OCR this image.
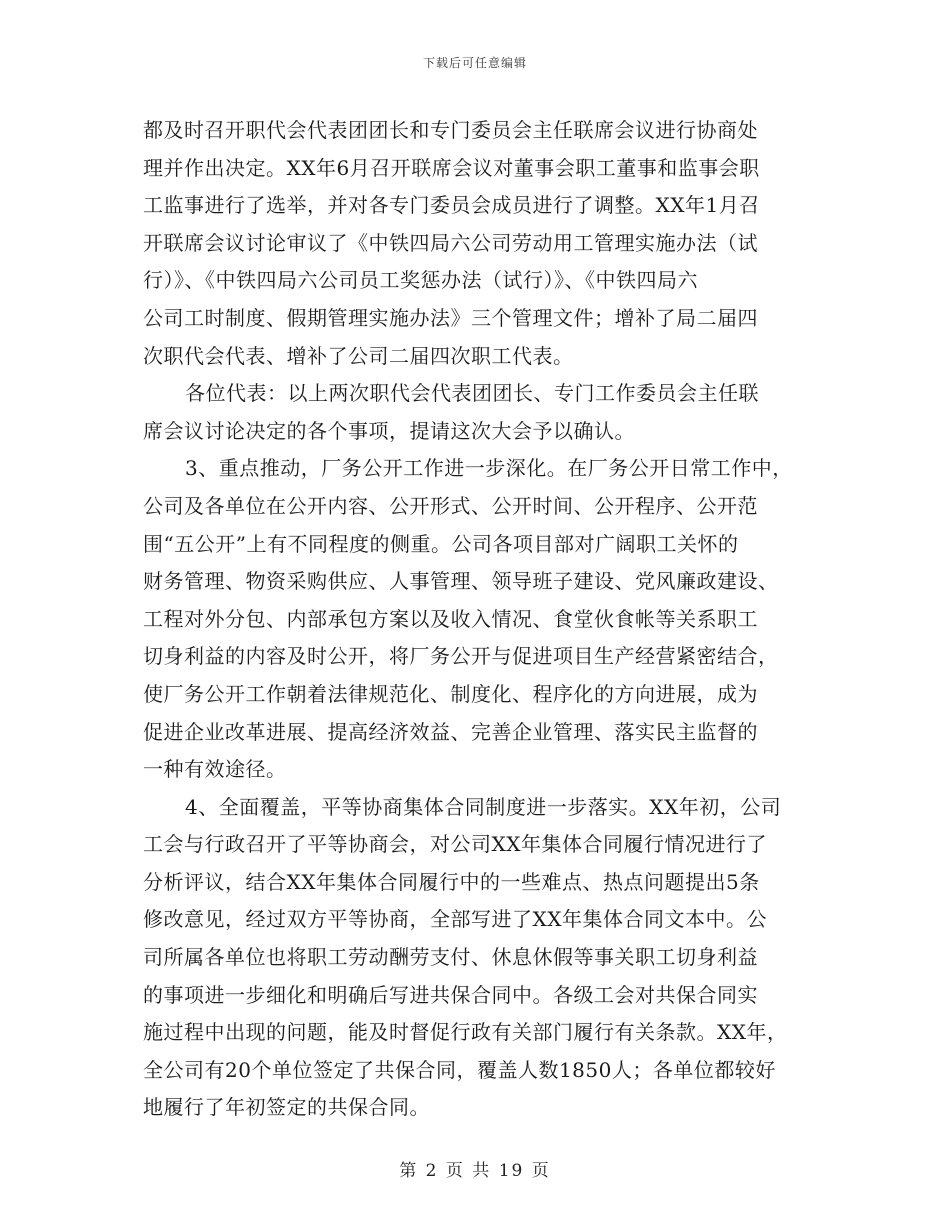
下载后可任意编辑
都及时召开职代会代表团团长和专门委员会主任联席会议进行协商处
理并作出决定。XX年6月召开联席会议对董事会职工董事和监事会职
工监事进行了选举，并对各专门委员会成员进行了调整。XX年1月召
开联席会议讨论审议了《中铁四局六公司劳动用工管理实施办法（试
行）》、《中铁四局六公司员工奖惩办法（试行）》、《中铁四局六
公司工时制度、假期管理实施办法》三个管理文件；增补了局二届四
次职代会代表、增补了公司二届四次职工代表。
各位代表：以上两次职代会代表团团长、专门工作委员会主任联
席会议讨论决定的各个事项，提请这次大会予以确认。
3、重点推动，厂务公开工作进一步深化。在厂务公开日常工作中，
公司及各单位在公开内容、公开形式、公开时间、公开程序、公开范
围“五公开”上有不同程度的侧重。公司各项目部对广阔职工关怀的
财务管理、物资采购供应、人事管理、领导班子建设、党风廉政建设、
工程对外分包、内部承包方案以及收入情况、食堂伙食帐等关系职工
切身利益的内容及时公开，将厂务公开与促进项目生产经营紧密结合，
使厂务公开工作朝着法律规范化、制度化、程序化的方向进展，成为
促进企业改革进展、提高经济效益、完善企业管理、落实民主监督的
一种有效途径。
4、全面覆盖，平等协商集体合同制度进一步落实。XX年初，公司
工会与行政召开了平等协商会，对公司XX年集体合同履行情况进行了
分析评议，结合XX年集体合同履行中的一些难点、热点问题提出5条
修改意见，经过双方平等协商，全部写进了XX年集体合同文本中。公
司所属各单位也将职工劳动酬劳支付、休息休假等事关职工切身利益
的事项进一步细化和明确后写进共保合同中。各级工会对共保合同实
施过程中出现的问题，能及时督促行政有关部门履行有关条款。XX年，
全公司有20个单位签定了共保合同，覆盖人数1850人；各单位都较好
地履行了年初签定的共保合同。
第 2 页 共 19 页
